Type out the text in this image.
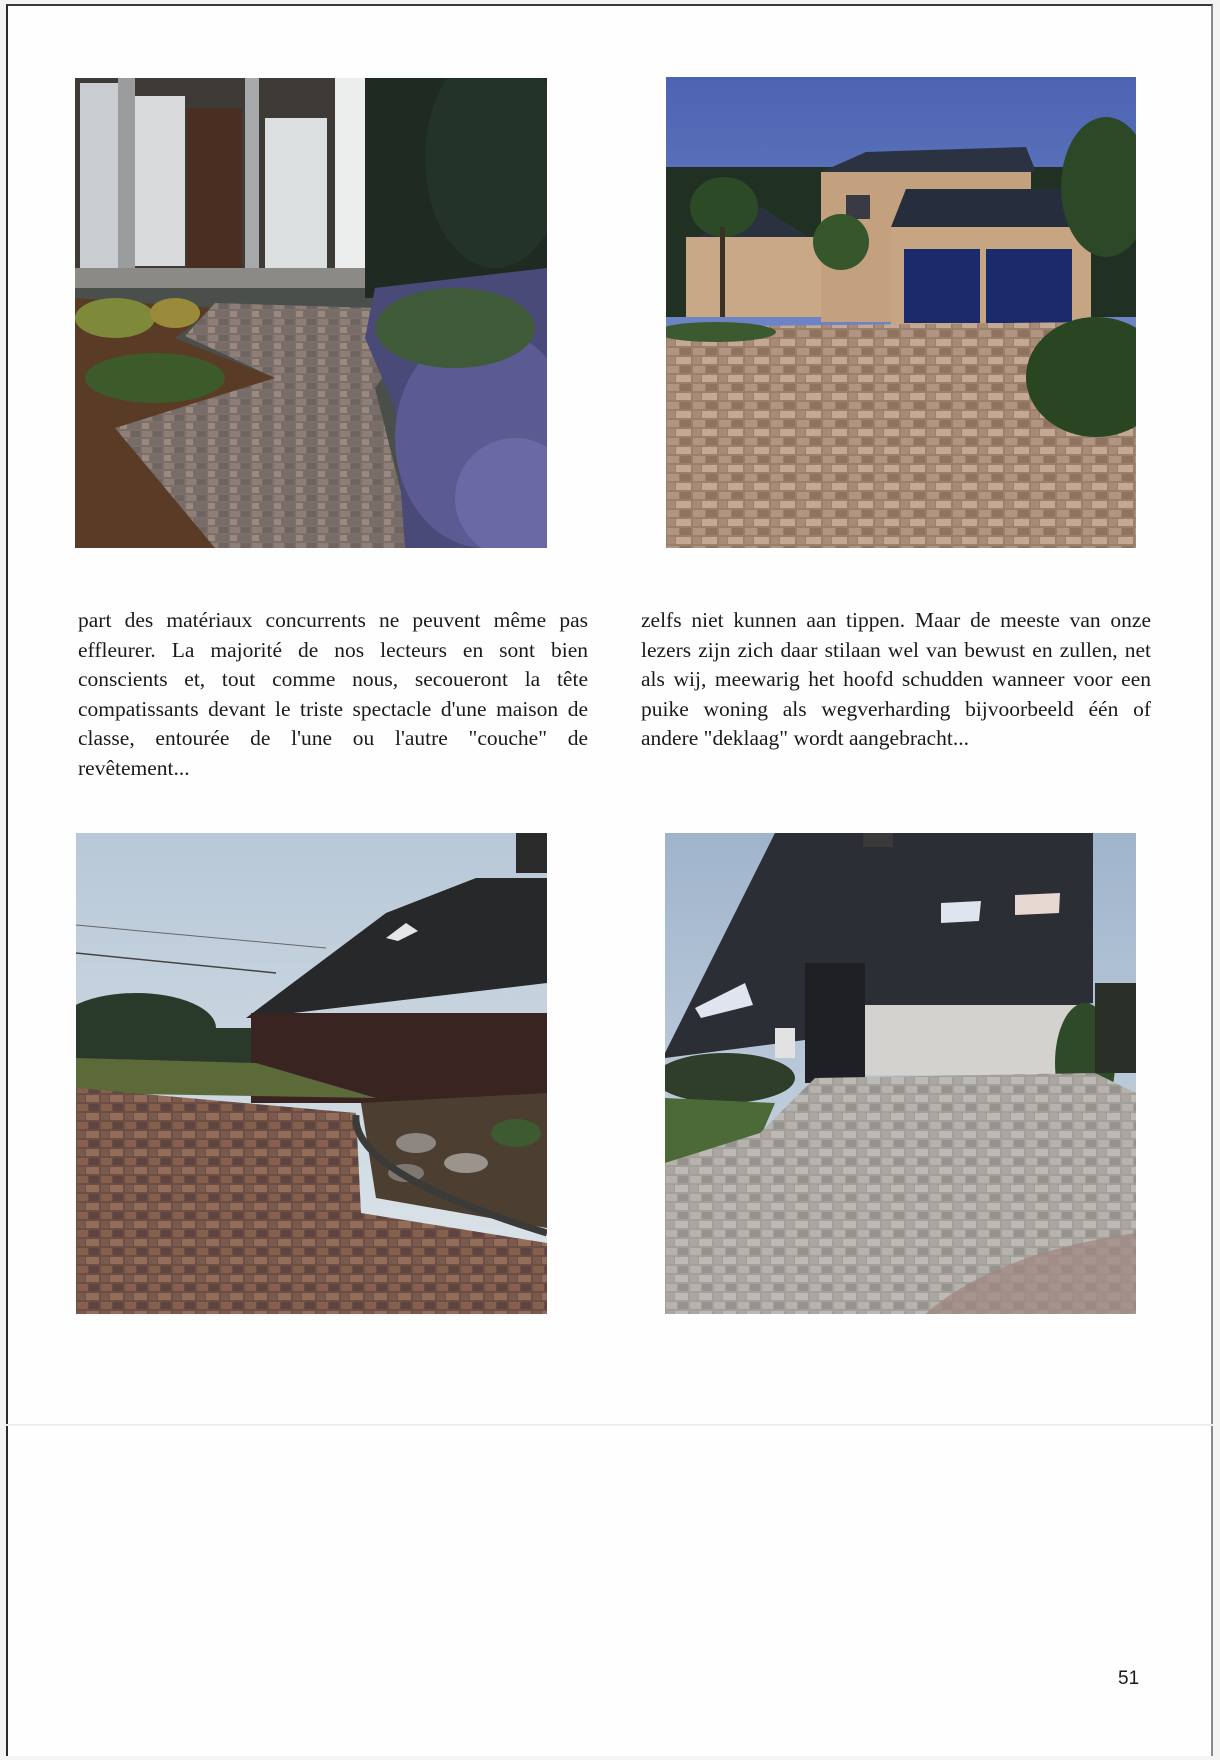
part des matériaux concurrents ne peuvent même pas effleurer. La majorité de nos lecteurs en sont bien conscients et, tout comme nous, secoueront la tête compatissants devant le triste spectacle d'une maison de classe, entourée de l'une ou l'autre "couche" de revêtement...
zelfs niet kunnen aan tippen. Maar de meeste van onze lezers zijn zich daar stilaan wel van bewust en zullen, net als wij, meewarig het hoofd schudden wanneer voor een puike woning als wegverharding bijvoorbeeld één of andere "deklaag" wordt aangebracht...
51
